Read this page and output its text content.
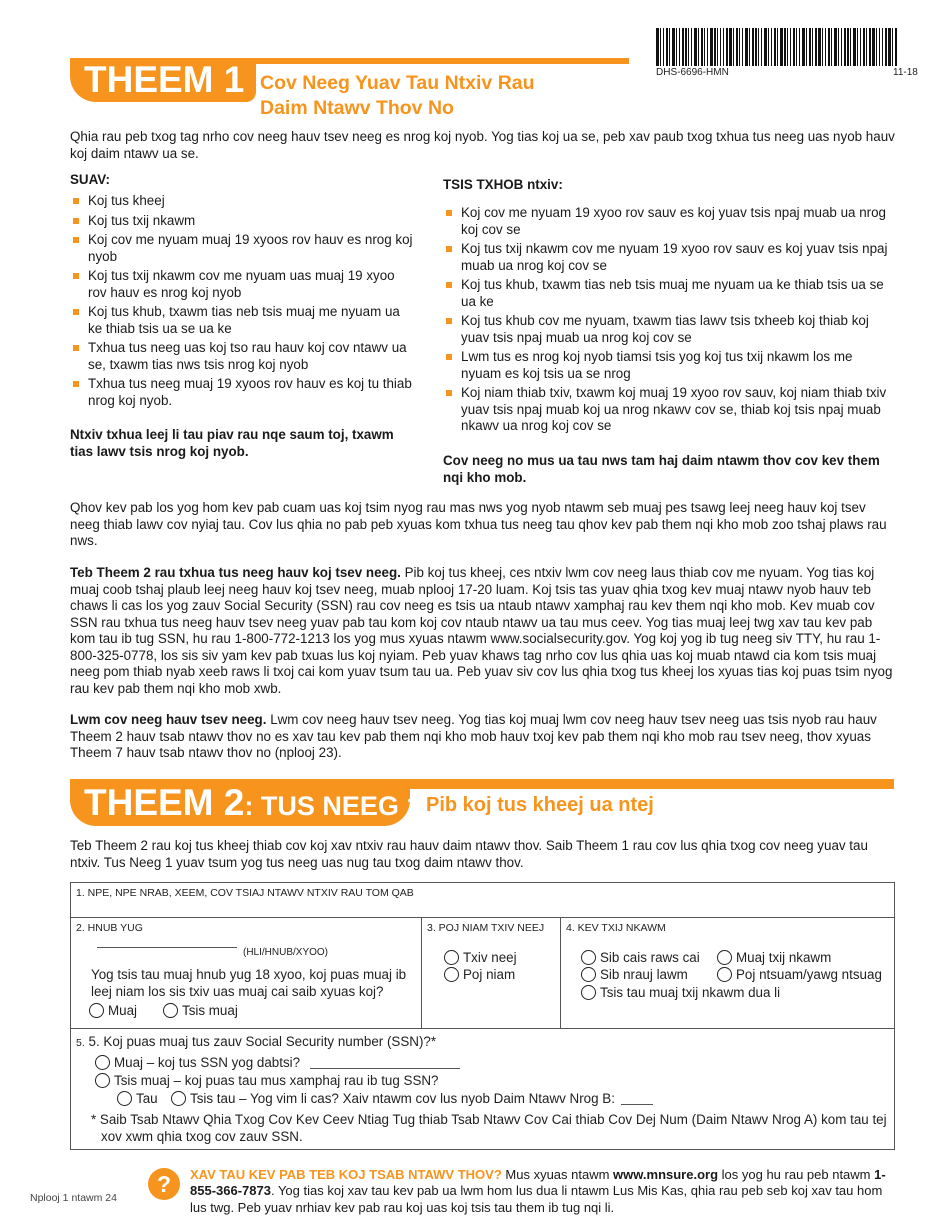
DHS-6696-HMN	11-18
THEEM 1 Cov Neeg Yuav Tau Ntxiv Rau
Daim Ntawv Thov No
Qhia rau peb txog tag nrho cov neeg hauv tsev neeg es nrog koj nyob. Yog tias koj ua se, peb xav paub txog txhua tus neeg uas nyob hauv koj daim ntawv ua se.
SUAV:
Koj tus kheej
Koj tus txij nkawm
Koj cov me nyuam muaj 19 xyoos rov hauv es nrog koj nyob
Koj tus txij nkawm cov me nyuam uas muaj 19 xyoo rov hauv es nrog koj nyob
Koj tus khub, txawm tias neb tsis muaj me nyuam ua ke thiab tsis ua se ua ke
Txhua tus neeg uas koj tso rau hauv koj cov ntawv ua se, txawm tias nws tsis nrog koj nyob
Txhua tus neeg muaj 19 xyoos rov hauv es koj tu thiab nrog koj nyob.
Ntxiv txhua leej li tau piav rau nqe saum toj, txawm tias lawv tsis nrog koj nyob.
TSIS TXHOB ntxiv:
Koj cov me nyuam 19 xyoo rov sauv es koj yuav tsis npaj muab ua nrog koj cov se
Koj tus txij nkawm cov me nyuam 19 xyoo rov sauv es koj yuav tsis npaj muab ua nrog koj cov se
Koj tus khub, txawm tias neb tsis muaj me nyuam ua ke thiab tsis ua se ua ke
Koj tus khub cov me nyuam, txawm tias lawv tsis txheeb koj thiab koj yuav tsis npaj muab ua nrog koj cov se
Lwm tus es nrog koj nyob tiamsi tsis yog koj tus txij nkawm los me nyuam es koj tsis ua se nrog
Koj niam thiab txiv, txawm koj muaj 19 xyoo rov sauv, koj niam thiab txiv yuav tsis npaj muab koj ua nrog nkawv cov se, thiab koj tsis npaj muab nkawv ua nrog koj cov se
Cov neeg no mus ua tau nws tam haj daim ntawm thov cov kev them nqi kho mob.
Qhov kev pab los yog hom kev pab cuam uas koj tsim nyog rau mas nws yog nyob ntawm seb muaj pes tsawg leej neeg hauv koj tsev neeg thiab lawv cov nyiaj tau. Cov lus qhia no pab peb xyuas kom txhua tus neeg tau qhov kev pab them nqi kho mob zoo tshaj plaws rau nws.
Teb Theem 2 rau txhua tus neeg hauv koj tsev neeg. Pib koj tus kheej, ces ntxiv lwm cov neeg laus thiab cov me nyuam. Yog tias koj muaj coob tshaj plaub leej neeg hauv koj tsev neeg, muab nplooj 17-20 luam. Koj tsis tas yuav qhia txog kev muaj ntawv nyob hauv teb chaws li cas los yog zauv Social Security (SSN) rau cov neeg es tsis ua ntaub ntawv xamphaj rau kev them nqi kho mob. Kev muab cov SSN rau txhua tus neeg hauv tsev neeg yuav pab tau kom koj cov ntaub ntawv ua tau mus ceev. Yog tias muaj leej twg xav tau kev pab kom tau ib tug SSN, hu rau 1-800-772-1213 los yog mus xyuas ntawm www.socialsecurity.gov. Yog koj yog ib tug neeg siv TTY, hu rau 1-800-325-0778, los sis siv yam kev pab txuas lus koj nyiam. Peb yuav khaws tag nrho cov lus qhia uas koj muab ntawd cia kom tsis muaj neeg pom thiab nyab xeeb raws li txoj cai kom yuav tsum tau ua. Peb yuav siv cov lus qhia txog tus kheej los xyuas tias koj puas tsim nyog rau kev pab them nqi kho mob xwb.
Lwm cov neeg hauv tsev neeg. Lwm cov neeg hauv tsev neeg. Yog tias koj muaj lwm cov neeg hauv tsev neeg uas tsis nyob rau hauv Theem 2 hauv tsab ntawv thov no es xav tau kev pab them nqi kho mob hauv txoj kev pab them nqi kho mob rau tsev neeg, thov xyuas Theem 7 hauv tsab ntawv thov no (nplooj 23).
THEEM 2: TUS NEEG 1 Pib koj tus kheej ua ntej
Teb Theem 2 rau koj tus kheej thiab cov koj xav ntxiv rau hauv daim ntawv thov. Saib Theem 1 rau cov lus qhia txog cov neeg yuav tau ntxiv. Tus Neeg 1 yuav tsum yog tus neeg uas nug tau txog daim ntawv thov.
1. NPE, NPE NRAB, XEEM, COV TSIAJ NTAWV NTXIV RAU TOM QAB
2. HNUB YUG
(HLI/HNUB/XYOO)
Yog tsis tau muaj hnub yug 18 xyoo, koj puas muaj ib leej niam los sis txiv uas muaj cai saib xyuas koj?
Muaj	Tsis muaj
3. POJ NIAM TXIV NEEJ
Txiv neej
Poj niam
4. KEV TXIJ NKAWM
Sib cais raws cai	Muaj txij nkawm
Sib nrauj lawm	Poj ntsuam/yawg ntsuag
Tsis tau muaj txij nkawm dua li
5. 5. Koj puas muaj tus zauv Social Security number (SSN)?*
Muaj – koj tus SSN yog dabtsi?
Tsis muaj – koj puas tau mus xamphaj rau ib tug SSN?
Tau	Tsis tau – Yog vim li cas? Xaiv ntawm cov lus nyob Daim Ntawv Nrog B:
* Saib Tsab Ntawv Qhia Txog Cov Kev Ceev Ntiag Tug thiab Tsab Ntawv Cov Cai thiab Cov Dej Num (Daim Ntawv Nrog A) kom tau tej xov xwm qhia txog cov zauv SSN.
?	XAV TAU KEV PAB TEB KOJ TSAB NTAWV THOV? Mus xyuas ntawm www.mnsure.org los yog hu rau peb ntawm 1-855-366-7873. Yog tias koj xav tau kev pab ua lwm hom lus dua li ntawm Lus Mis Kas, qhia rau peb seb koj xav tau hom lus twg. Peb yuav nrhiav kev pab rau koj uas koj tsis tau them ib tug nqi li.
Nplooj 1 ntawm 24
